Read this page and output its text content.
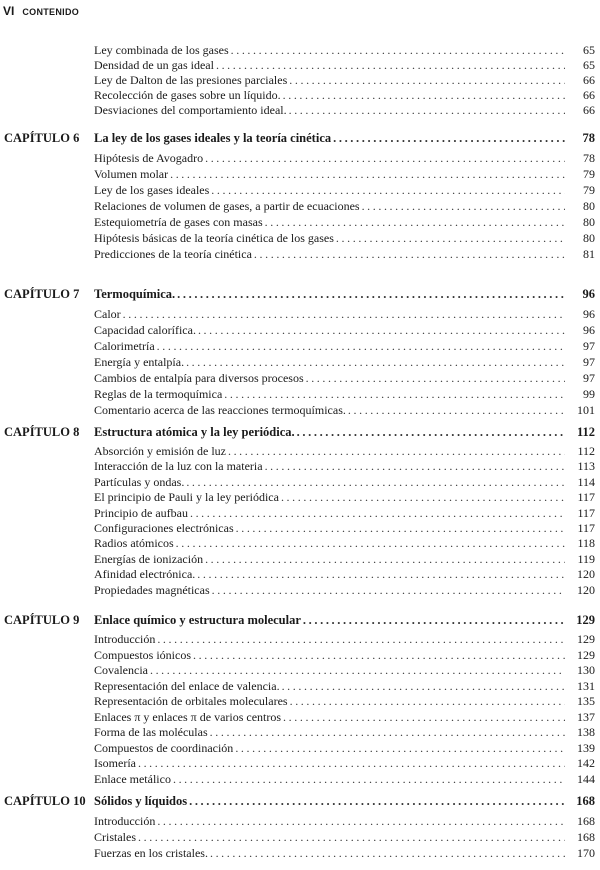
VI CONTENIDO
Ley combinada de los gases .....	65
Densidad de un gas ideal .....	65
Ley de Dalton de las presiones parciales .....	66
Recolección de gases sobre un líquido. .....	66
Desviaciones del comportamiento ideal. .....	66
CAPÍTULO 6	La ley de los gases ideales y la teoría cinética .....	78
Hipótesis de Avogadro .....	78
Volumen molar .....	79
Ley de los gases ideales .....	79
Relaciones de volumen de gases, a partir de ecuaciones .....	80
Estequiometría de gases con masas .....	80
Hipótesis básicas de la teoría cinética de los gases .....	80
Predicciones de la teoría cinética .....	81
CAPÍTULO 7	Termoquímica. .....	96
Calor .....	96
Capacidad calorífica. .....	96
Calorimetría .....	97
Energía y entalpía. .....	97
Cambios de entalpía para diversos procesos .....	97
Reglas de la termoquímica .....	99
Comentario acerca de las reacciones termoquímicas. .....	101
CAPÍTULO 8	Estructura atómica y la ley periódica. .....	112
Absorción y emisión de luz .....	112
Interacción de la luz con la materia .....	113
Partículas y ondas. .....	114
El principio de Pauli y la ley periódica .....	117
Principio de aufbau .....	117
Configuraciones electrónicas .....	117
Radios atómicos .....	118
Energías de ionización .....	119
Afinidad electrónica. .....	120
Propiedades magnéticas .....	120
CAPÍTULO 9	Enlace químico y estructura molecular .....	129
Introducción .....	129
Compuestos iónicos .....	129
Covalencia .....	130
Representación del enlace de valencia. .....	131
Representación de orbitales moleculares .....	135
Enlaces π y enlaces π de varios centros .....	137
Forma de las moléculas .....	138
Compuestos de coordinación .....	139
Isomería .....	142
Enlace metálico .....	144
CAPÍTULO 10 Sólidos y líquidos .....	168
Introducción .....	168
Cristales .....	168
Fuerzas en los cristales. .....	170
